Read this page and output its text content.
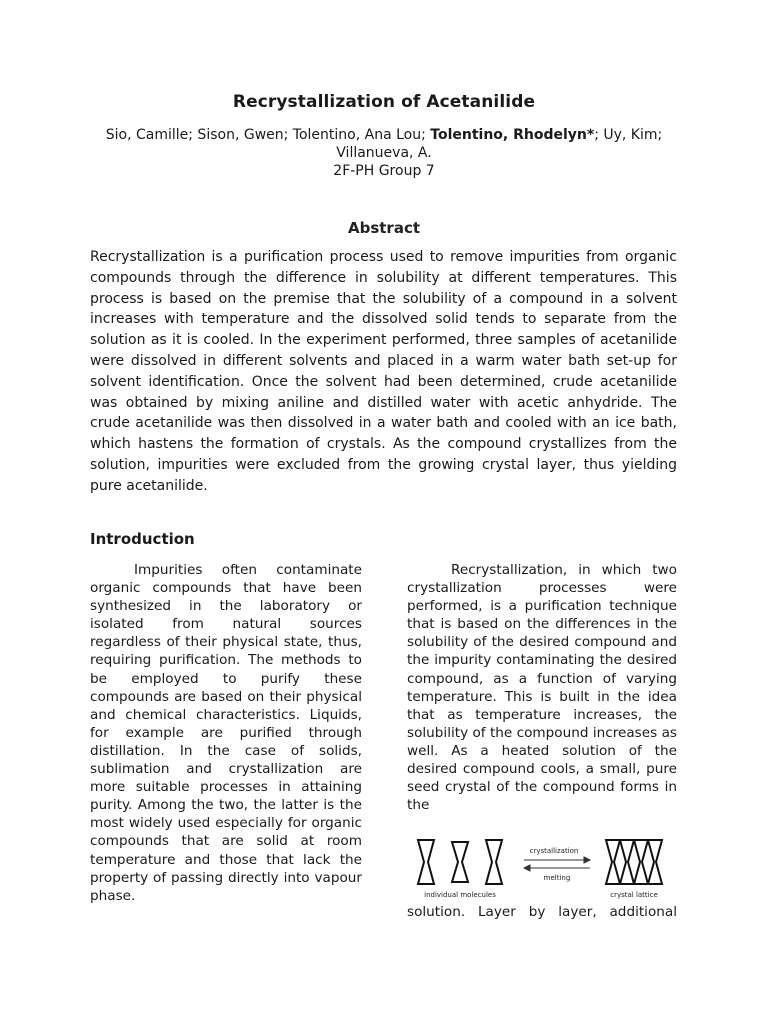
Recrystallization of Acetanilide
Sio, Camille; Sison, Gwen; Tolentino, Ana Lou; Tolentino, Rhodelyn*; Uy, Kim; Villanueva, A.
2F-PH Group 7
Abstract
Recrystallization is a purification process used to remove impurities from organic compounds through the difference in solubility at different temperatures. This process is based on the premise that the solubility of a compound in a solvent increases with temperature and the dissolved solid tends to separate from the solution as it is cooled. In the experiment performed, three samples of acetanilide were dissolved in different solvents and placed in a warm water bath set-up for solvent identification. Once the solvent had been determined, crude acetanilide was obtained by mixing aniline and distilled water with acetic anhydride. The crude acetanilide was then dissolved in a water bath and cooled with an ice bath, which hastens the formation of crystals. As the compound crystallizes from the solution, impurities were excluded from the growing crystal layer, thus yielding pure acetanilide.
Introduction
Impurities often contaminate organic compounds that have been synthesized in the laboratory or isolated from natural sources regardless of their physical state, thus, requiring purification. The methods to be employed to purify these compounds are based on their physical and chemical characteristics. Liquids, for example are purified through distillation. In the case of solids, sublimation and crystallization are more suitable processes in attaining purity. Among the two, the latter is the most widely used especially for organic compounds that are solid at room temperature and those that lack the property of passing directly into vapour phase.
Recrystallization, in which two crystallization processes were performed, is a purification technique that is based on the differences in the solubility of the desired compound and the impurity contaminating the desired compound, as a function of varying temperature. This is built in the idea that as temperature increases, the solubility of the compound increases as well. As a heated solution of the desired compound cools, a small, pure seed crystal of the compound forms in the
crystallization
melting
individual molecules	crystal lattice
solution. Layer by layer, additional
